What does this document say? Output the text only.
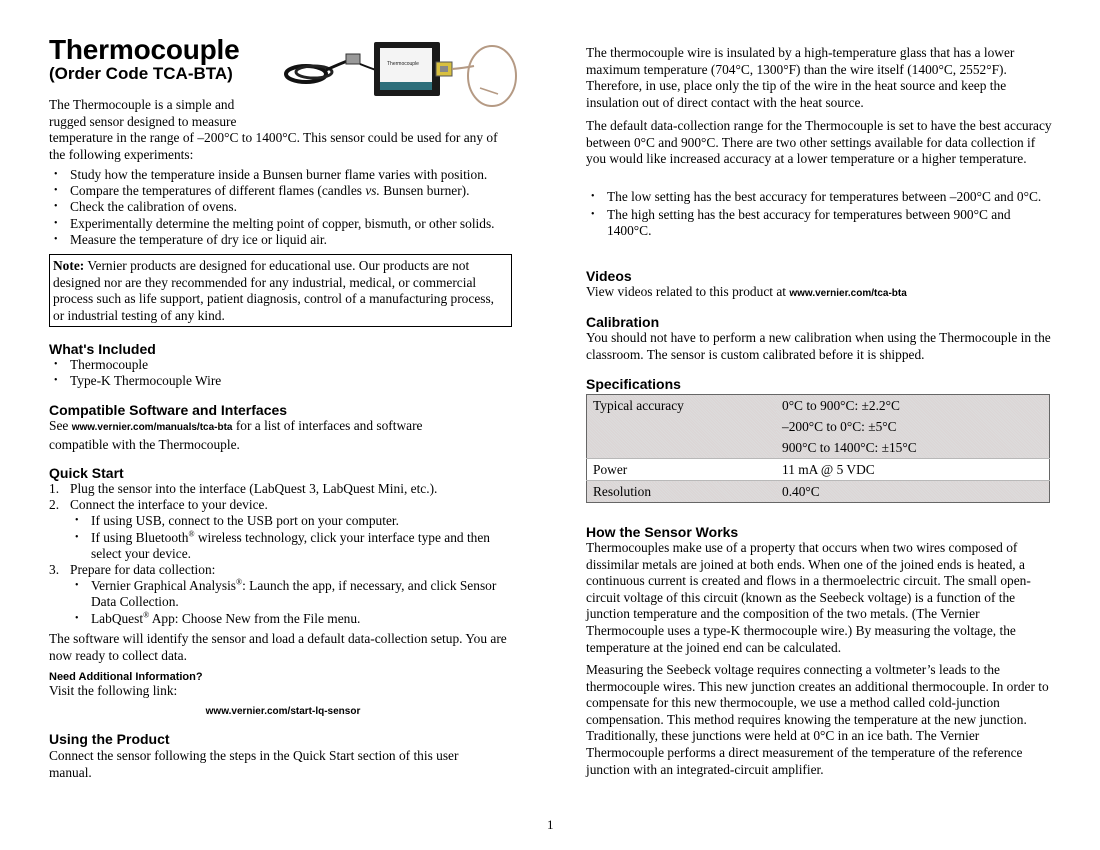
Thermocouple
(Order Code TCA-BTA)	Thermocouple

The Thermocouple is a simple and
rugged sensor designed to measure
temperature in the range of –200°C to 1400°C. This sensor could be used for any of the following experiments:

• Study how the temperature inside a Bunsen burner flame varies with position.
• Compare the temperatures of different flames (candles vs. Bunsen burner).
• Check the calibration of ovens.
• Experimentally determine the melting point of copper, bismuth, or other solids.
• Measure the temperature of dry ice or liquid air.

Note: Vernier products are designed for educational use. Our products are not designed nor are they recommended for any industrial, medical, or commercial process such as life support, patient diagnosis, control of a manufacturing process, or industrial testing of any kind.

What's Included
• Thermocouple
• Type-K Thermocouple Wire
Compatible Software and Interfaces

See www.vernier.com/manuals/tca-bta for a list of interfaces and software compatible with the Thermocouple.

Quick Start
1. Plug the sensor into the interface (LabQuest 3, LabQuest Mini, etc.).
2. Connect the interface to your device.
• If using USB, connect to the USB port on your computer.
• If using Bluetooth® wireless technology, click your interface type and then select your device.
3. Prepare for data collection:
• Vernier Graphical Analysis®: Launch the app, if necessary, and click Sensor Data Collection.
• LabQuest® App: Choose New from the File menu.

The software will identify the sensor and load a default data-collection setup. You are now ready to collect data.

Need Additional Information?

Visit the following link:

www.vernier.com/start-lq-sensor
Using the Product

Connect the sensor following the steps in the Quick Start section of this user manual.

The thermocouple wire is insulated by a high-temperature glass that has a lower maximum temperature (704°C, 1300°F) than the wire itself (1400°C, 2552°F). Therefore, in use, place only the tip of the wire in the heat source and keep the insulation out of direct contact with the heat source.

The default data-collection range for the Thermocouple is set to have the best accuracy between 0°C and 900°C. There are two other settings available for data collection if you would like increased accuracy at a lower temperature or a higher temperature.

• The low setting has the best accuracy for temperatures between –200°C and 0°C.
• The high setting has the best accuracy for temperatures between 900°C and 1400°C.
Videos

View videos related to this product at www.vernier.com/tca-bta

Calibration

You should not have to perform a new calibration when using the Thermocouple in the classroom. The sensor is custom calibrated before it is shipped.

Specifications
Typical accuracy	0°C to 900°C: ±2.2°C
–200°C to 0°C: ±5°C
900°C to 1400°C: ±15°C

Power	11 mA @ 5 VDC
Resolution	0.40°C
How the Sensor Works

Thermocouples make use of a property that occurs when two wires composed of dissimilar metals are joined at both ends. When one of the joined ends is heated, a continuous current is created and flows in a thermoelectric circuit. The small open-circuit voltage of this circuit (known as the Seebeck voltage) is a function of the junction temperature and the composition of the two metals. (The Vernier Thermocouple uses a type-K thermocouple wire.) By measuring the voltage, the temperature at the joined end can be calculated.

Measuring the Seebeck voltage requires connecting a voltmeter’s leads to the thermocouple wires. This new junction creates an additional thermocouple. In order to compensate for this new thermocouple, we use a method called cold-junction compensation. This method requires knowing the temperature at the new junction. Traditionally, these junctions were held at 0°C in an ice bath. The Vernier Thermocouple performs a direct measurement of the temperature of the reference junction with an integrated-circuit amplifier.

1
